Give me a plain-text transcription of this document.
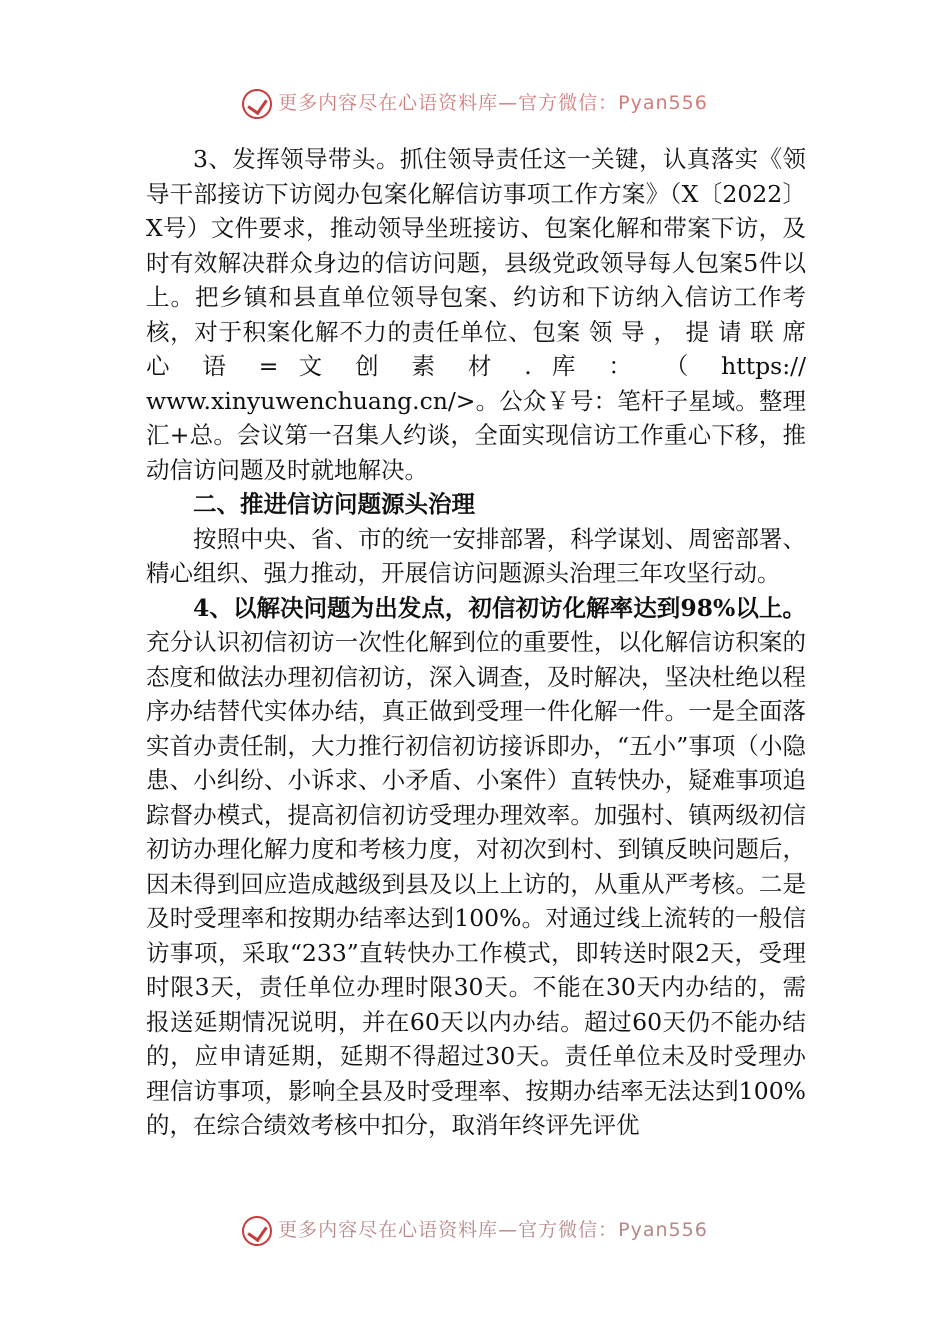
更多内容尽在心语资料库—官方微信：Pyan556

3、发挥领导带头。抓住领导责任这一关键，认真落实《领导干部接访下访阅办包案化解信访事项工作方案》（X〔2022〕X号）文件要求，推动领导坐班接访、包案化解和带案下访，及时有效解决群众身边的信访问题，县级党政领导每人包案5件以上。把乡镇和县直单位领导包案、约访和下访纳入信访工作考核，对于积案化解不力的责任单位、包案 领 导 ， 提 请 联 席 心 语 = 文 创 素 材 . 库 ： （ https:// www.xinyuwenchuang.cn/>。公众￥号：笔杆子星域。整理汇+总。会议第一召集人约谈，全面实现信访工作重心下移，推动信访问题及时就地解决。

二、推进信访问题源头治理

按照中央、省、市的统一安排部署，科学谋划、周密部署、精心组织、强力推动，开展信访问题源头治理三年攻坚行动。

4、以解决问题为出发点，初信初访化解率达到98%以上。充分认识初信初访一次性化解到位的重要性，以化解信访积案的态度和做法办理初信初访，深入调查，及时解决，坚决杜绝以程序办结替代实体办结，真正做到受理一件化解一件。一是全面落实首办责任制，大力推行初信初访接诉即办，“五小”事项（小隐患、小纠纷、小诉求、小矛盾、小案件）直转快办，疑难事项追踪督办模式，提高初信初访受理办理效率。加强村、镇两级初信初访办理化解力度和考核力度，对初次到村、到镇反映问题后，因未得到回应造成越级到县及以上上访的，从重从严考核。二是及时受理率和按期办结率达到100%。对通过线上流转的一般信访事项，采取“233”直转快办工作模式，即转送时限2天，受理时限3天，责任单位办理时限30天。不能在30天内办结的，需报送延期情况说明，并在60天以内办结。超过60天仍不能办结的，应申请延期，延期不得超过30天。责任单位未及时受理办理信访事项，影响全县及时受理率、按期办结率无法达到100%的，在综合绩效考核中扣分，取消年终评先评优

更多内容尽在心语资料库—官方微信：Pyan556
